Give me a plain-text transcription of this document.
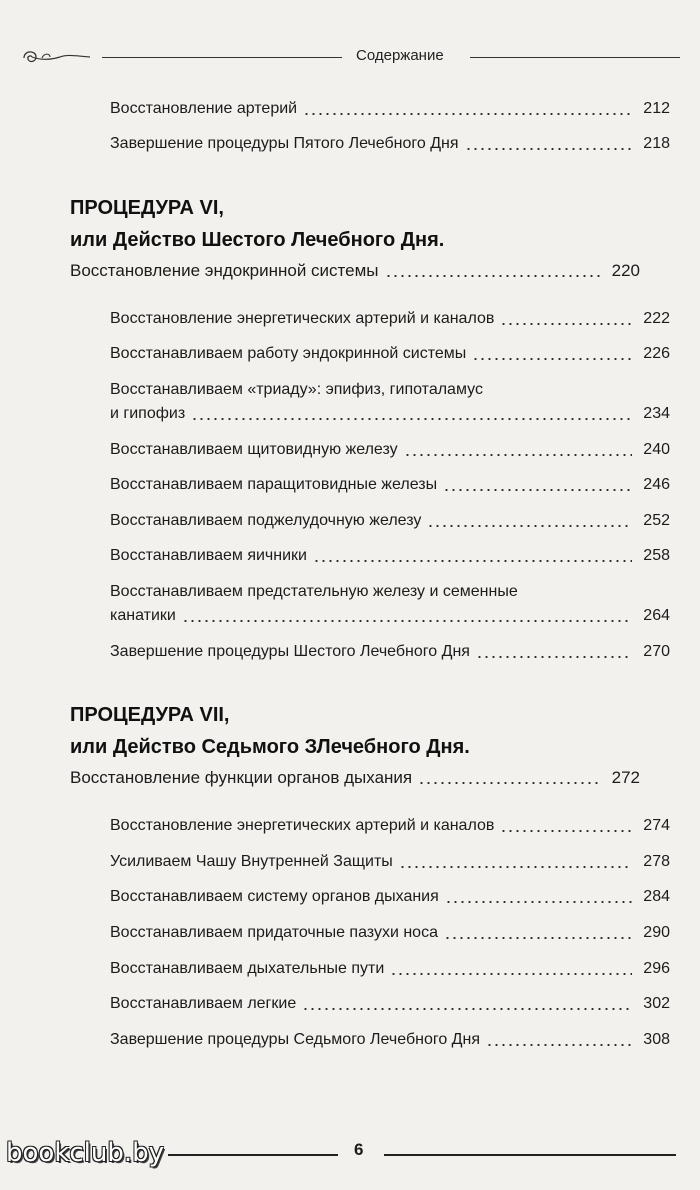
Содержание
Восстановление артерий	212
Завершение процедуры Пятого Лечебного Дня	218
ПРОЦЕДУРА VI,
или Действо Шестого Лечебного Дня.
Восстановление эндокринной системы	220
Восстановление энергетических артерий и каналов	222
Восстанавливаем работу эндокринной системы	226
Восстанавливаем «триаду»: эпифиз, гипоталамус
и гипофиз	234
Восстанавливаем щитовидную железу	240
Восстанавливаем паращитовидные железы	246
Восстанавливаем поджелудочную железу	252
Восстанавливаем яичники	258
Восстанавливаем предстательную железу и семенные
канатики	264
Завершение процедуры Шестого Лечебного Дня	270
ПРОЦЕДУРА VII,
или Действо Седьмого ЗЛечебного Дня.
Восстановление функции органов дыхания	272
Восстановление энергетических артерий и каналов	274
Усиливаем Чашу Внутренней Защиты	278
Восстанавливаем систему органов дыхания	284
Восстанавливаем придаточные пазухи носа	290
Восстанавливаем дыхательные пути	296
Восстанавливаем легкие	302
Завершение процедуры Седьмого Лечебного Дня	308
bookclub.by	6
